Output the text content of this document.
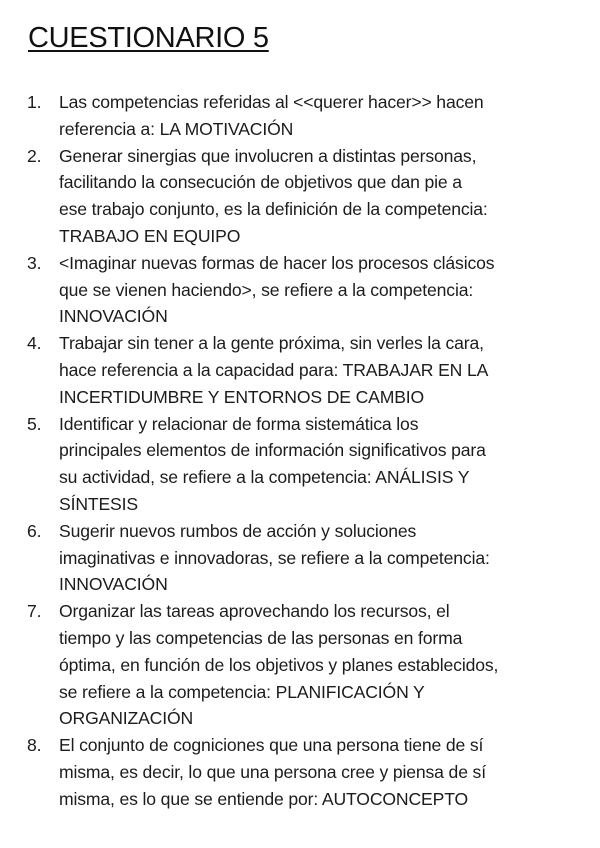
CUESTIONARIO 5
1.	Las competencias referidas al <<querer hacer>> hacen
referencia a: LA MOTIVACIÓN
2.	Generar sinergias que involucren a distintas personas,
facilitando la consecución de objetivos que dan pie a
ese trabajo conjunto, es la definición de la competencia:
TRABAJO EN EQUIPO
3.	<Imaginar nuevas formas de hacer los procesos clásicos
que se vienen haciendo>, se refiere a la competencia:
INNOVACIÓN
4.	Trabajar sin tener a la gente próxima, sin verles la cara,
hace referencia a la capacidad para: TRABAJAR EN LA
INCERTIDUMBRE Y ENTORNOS DE CAMBIO
5.	Identificar y relacionar de forma sistemática los
principales elementos de información significativos para
su actividad, se refiere a la competencia: ANÁLISIS Y
SÍNTESIS
6.	Sugerir nuevos rumbos de acción y soluciones
imaginativas e innovadoras, se refiere a la competencia:
INNOVACIÓN
7.	Organizar las tareas aprovechando los recursos, el
tiempo y las competencias de las personas en forma
óptima, en función de los objetivos y planes establecidos,
se refiere a la competencia: PLANIFICACIÓN Y
ORGANIZACIÓN
8.	El conjunto de cogniciones que una persona tiene de sí
misma, es decir, lo que una persona cree y piensa de sí
misma, es lo que se entiende por: AUTOCONCEPTO
